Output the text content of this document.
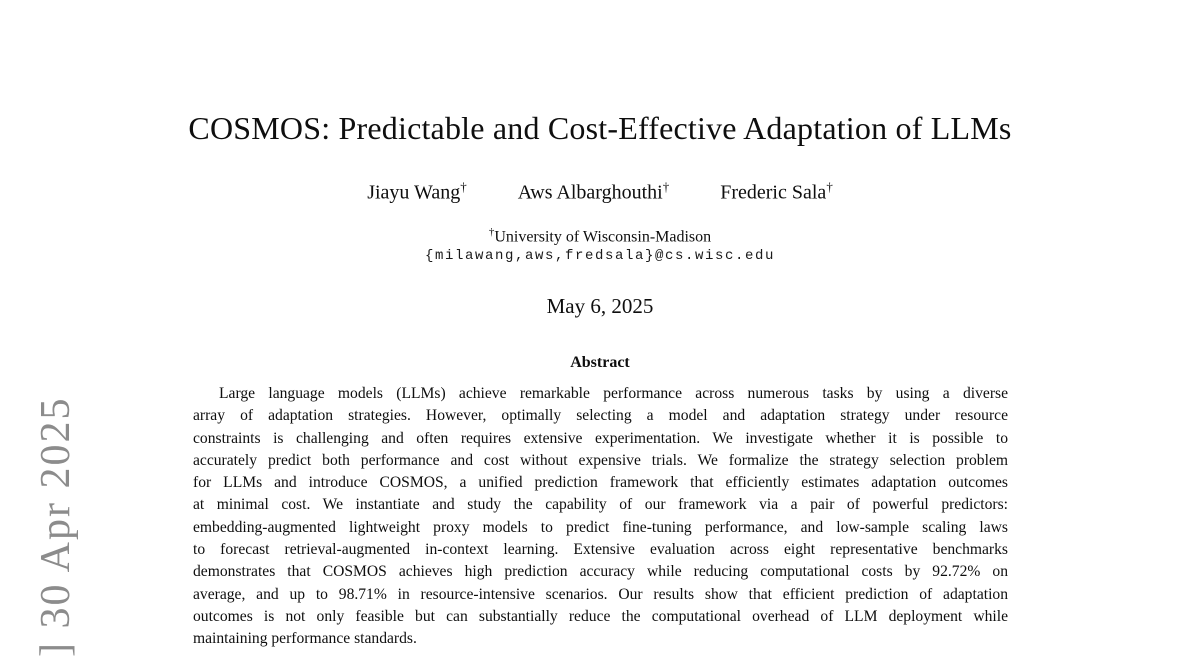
] 30 Apr 2025
COSMOS: Predictable and Cost-Effective Adaptation of LLMs
Jiayu Wang†	Aws Albarghouthi†	Frederic Sala†
†University of Wisconsin-Madison
{milawang,aws,fredsala}@cs.wisc.edu
May 6, 2025
Abstract
Large language models (LLMs) achieve remarkable performance across numerous tasks by using a diverse
array of adaptation strategies. However, optimally selecting a model and adaptation strategy under resource
constraints is challenging and often requires extensive experimentation. We investigate whether it is possible to
accurately predict both performance and cost without expensive trials. We formalize the strategy selection problem
for LLMs and introduce COSMOS, a unified prediction framework that efficiently estimates adaptation outcomes
at minimal cost. We instantiate and study the capability of our framework via a pair of powerful predictors:
embedding-augmented lightweight proxy models to predict fine-tuning performance, and low-sample scaling laws
to forecast retrieval-augmented in-context learning. Extensive evaluation across eight representative benchmarks
demonstrates that COSMOS achieves high prediction accuracy while reducing computational costs by 92.72% on
average, and up to 98.71% in resource-intensive scenarios. Our results show that efficient prediction of adaptation
outcomes is not only feasible but can substantially reduce the computational overhead of LLM deployment while
maintaining performance standards.
